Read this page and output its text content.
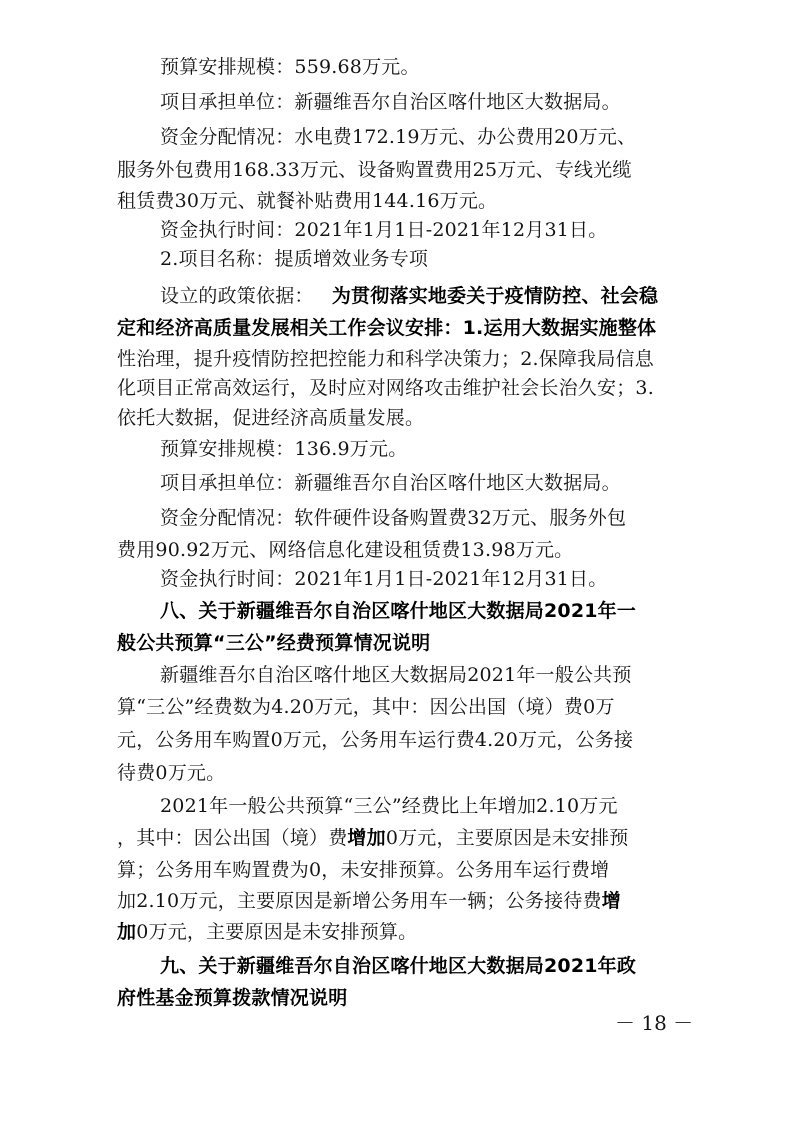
预算安排规模：559.68万元。
项目承担单位：新疆维吾尔自治区喀什地区大数据局。
资金分配情况：水电费172.19万元、办公费用20万元、
服务外包费用168.33万元、设备购置费用25万元、专线光缆
租赁费30万元、就餐补贴费用144.16万元。
资金执行时间：2021年1月1日-2021年12月31日。
2.项目名称：提质增效业务专项
设立的政策依据： 为贯彻落实地委关于疫情防控、社会稳
定和经济高质量发展相关工作会议安排：1.运用大数据实施整体
性治理，提升疫情防控把控能力和科学决策力；2.保障我局信息
化项目正常高效运行，及时应对网络攻击维护社会长治久安；3.
依托大数据，促进经济高质量发展。
预算安排规模：136.9万元。
项目承担单位：新疆维吾尔自治区喀什地区大数据局。
资金分配情况：软件硬件设备购置费32万元、服务外包
费用90.92万元、网络信息化建设租赁费13.98万元。
资金执行时间：2021年1月1日-2021年12月31日。
八、关于新疆维吾尔自治区喀什地区大数据局2021年一
般公共预算“三公”经费预算情况说明
新疆维吾尔自治区喀什地区大数据局2021年一般公共预
算“三公”经费数为4.20万元，其中：因公出国（境）费0万
元，公务用车购置0万元，公务用车运行费4.20万元，公务接
待费0万元。
2021年一般公共预算“三公”经费比上年增加2.10万元
，其中：因公出国（境）费增加0万元，主要原因是未安排预
算；公务用车购置费为0，未安排预算。公务用车运行费增
加2.10万元，主要原因是新增公务用车一辆；公务接待费增
加0万元，主要原因是未安排预算。
九、关于新疆维吾尔自治区喀什地区大数据局2021年政
府性基金预算拨款情况说明
－ 18 －
